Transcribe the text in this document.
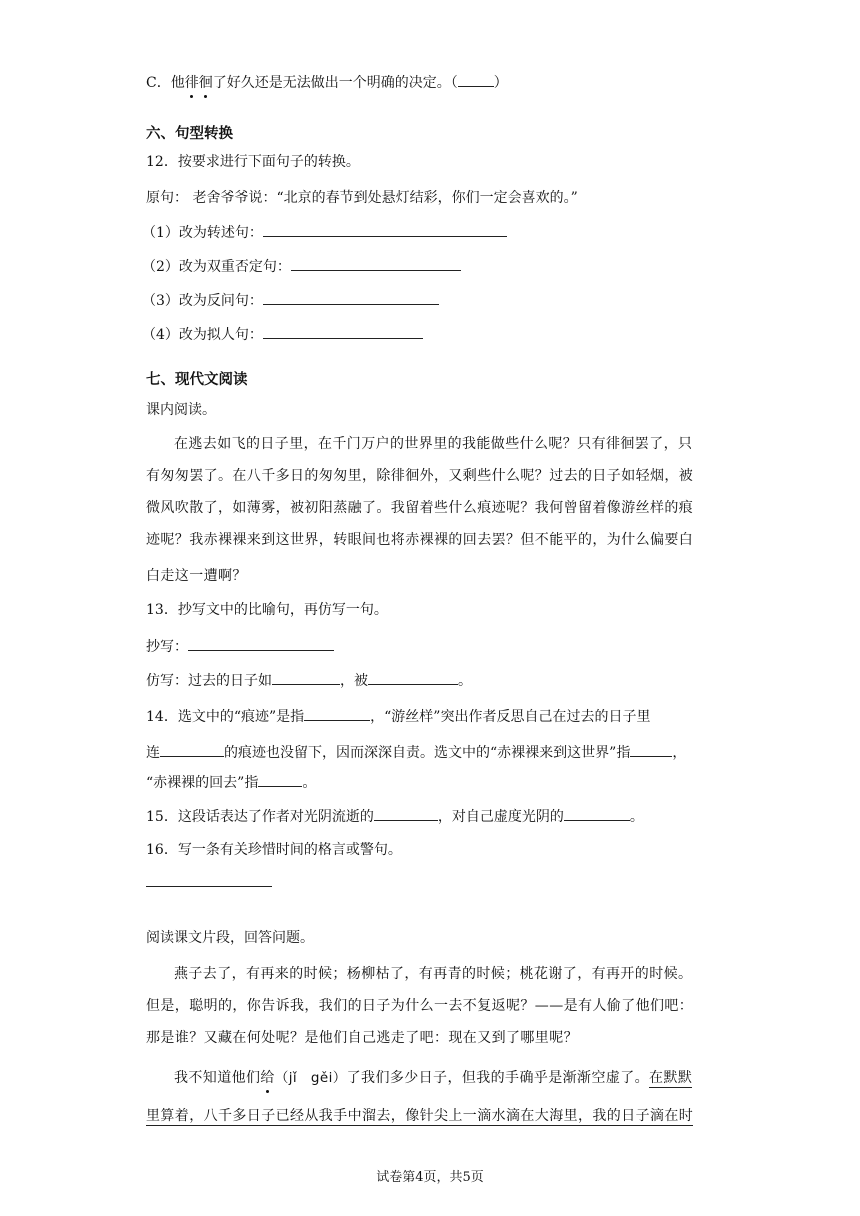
C．他徘徊了好久还是无法做出一个明确的决定。（	）
六、句型转换
12．按要求进行下面句子的转换。
原句： 老舍爷爷说：“北京的春节到处悬灯结彩，你们一定会喜欢的。”
（1）改为转述句：
（2）改为双重否定句：
（3）改为反问句：
（4）改为拟人句：
七、现代文阅读
课内阅读。
在逃去如飞的日子里，在千门万户的世界里的我能做些什么呢？只有徘徊罢了，只
有匆匆罢了。在八千多日的匆匆里，除徘徊外，又剩些什么呢？过去的日子如轻烟，被
微风吹散了，如薄雾，被初阳蒸融了。我留着些什么痕迹呢？我何曾留着像游丝样的痕
迹呢？我赤裸裸来到这世界，转眼间也将赤裸裸的回去罢？但不能平的，为什么偏要白
白走这一遭啊？
13．抄写文中的比喻句，再仿写一句。
抄写：
仿写：过去的日子如	，被	。
14．选文中的“痕迹”是指	，“游丝样”突出作者反思自己在过去的日子里
连	的痕迹也没留下，因而深深自责。选文中的“赤裸裸来到这世界”指	，
“赤裸裸的回去”指	。
15．这段话表达了作者对光阴流逝的	，对自己虚度光阴的	。
16．写一条有关珍惜时间的格言或警句。
阅读课文片段，回答问题。
燕子去了，有再来的时候；杨柳枯了，有再青的时候；桃花谢了，有再开的时候。
但是，聪明的，你告诉我，我们的日子为什么一去不复返呢？——是有人偷了他们吧：
那是谁？又藏在何处呢？是他们自己逃走了吧：现在又到了哪里呢？
我不知道他们给（jǐ　gěi）了我们多少日子，但我的手确乎是渐渐空虚了。在默默
里算着，八千多日子已经从我手中溜去，像针尖上一滴水滴在大海里，我的日子滴在时
试卷第4页，共5页
